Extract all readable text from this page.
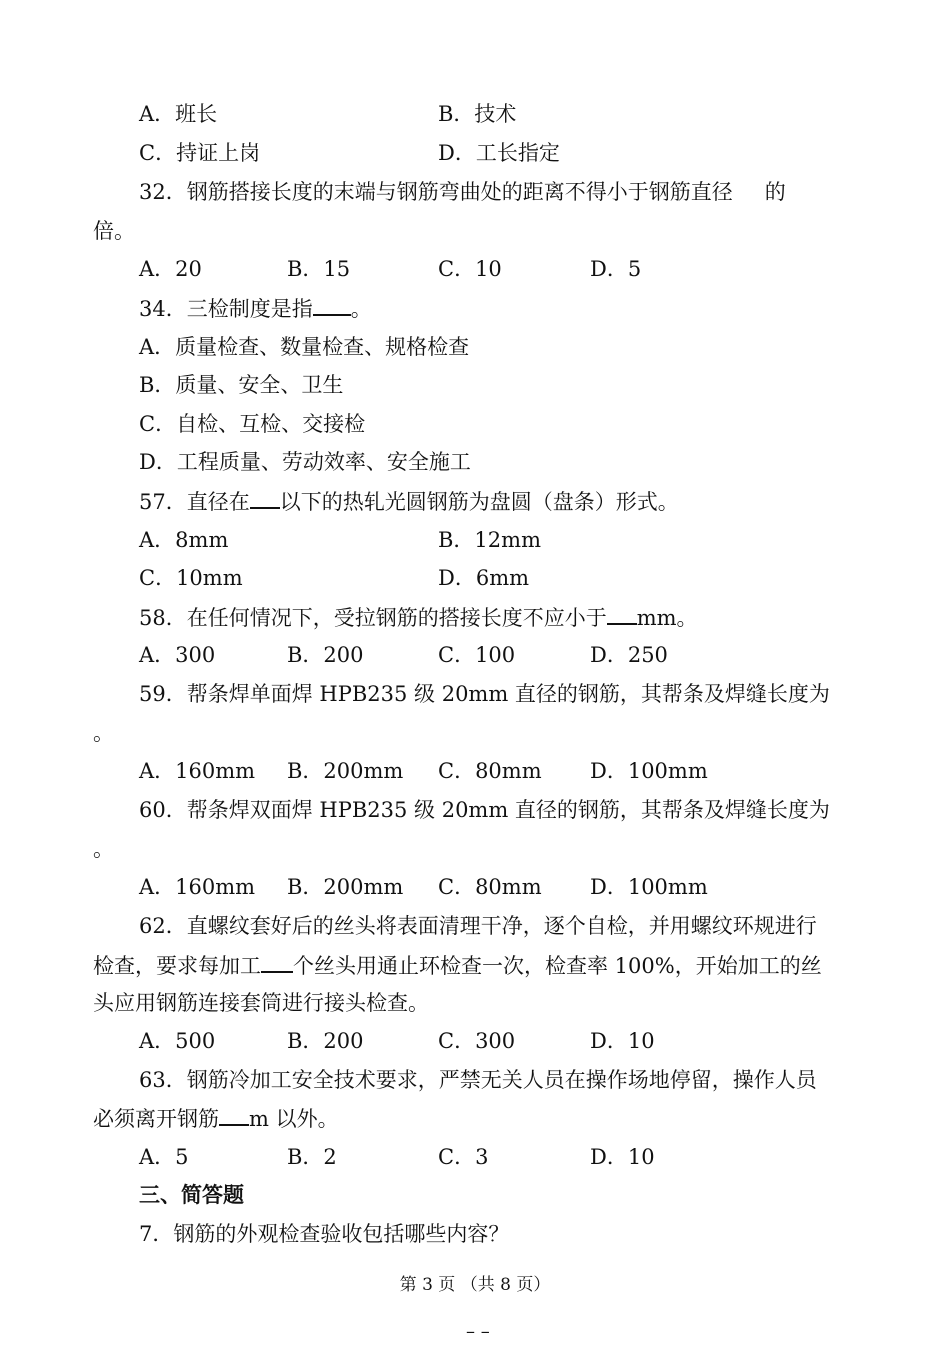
A．班长	B．技术
C．持证上岗	D．工长指定
32．钢筋搭接长度的末端与钢筋弯曲处的距离不得小于钢筋直径 的
倍。
A．20	B．15	C．10	D．5
34．三检制度是指 。
A．质量检查、数量检查、规格检查
B．质量、安全、卫生
C．自检、互检、交接检
D．工程质量、劳动效率、安全施工
57．直径在 以下的热轧光圆钢筋为盘圆（盘条）形式。
A．8mm	B．12mm
C．10mm	D．6mm
58．在任何情况下，受拉钢筋的搭接长度不应小于 mm。
A．300	B．200	C．100	D．250
59．帮条焊单面焊 HPB235 级 20mm 直径的钢筋，其帮条及焊缝长度为
。
A．160mm B．200mm C．80mm D．100mm
60．帮条焊双面焊 HPB235 级 20mm 直径的钢筋，其帮条及焊缝长度为
。
A．160mm B．200mm C．80mm D．100mm
62．直螺纹套好后的丝头将表面清理干净，逐个自检，并用螺纹环规进行
检查，要求每加工 个丝头用通止环检查一次，检查率 100%，开始加工的丝
头应用钢筋连接套筒进行接头检查。
A．500	B．200	C．300	D．10
63．钢筋冷加工安全技术要求，严禁无关人员在操作场地停留，操作人员
必须离开钢筋 m 以外。
A．5	B．2	C．3	D．10
三、简答题
7．钢筋的外观检查验收包括哪些内容？
第 3 页 （共 8 页）
– –
